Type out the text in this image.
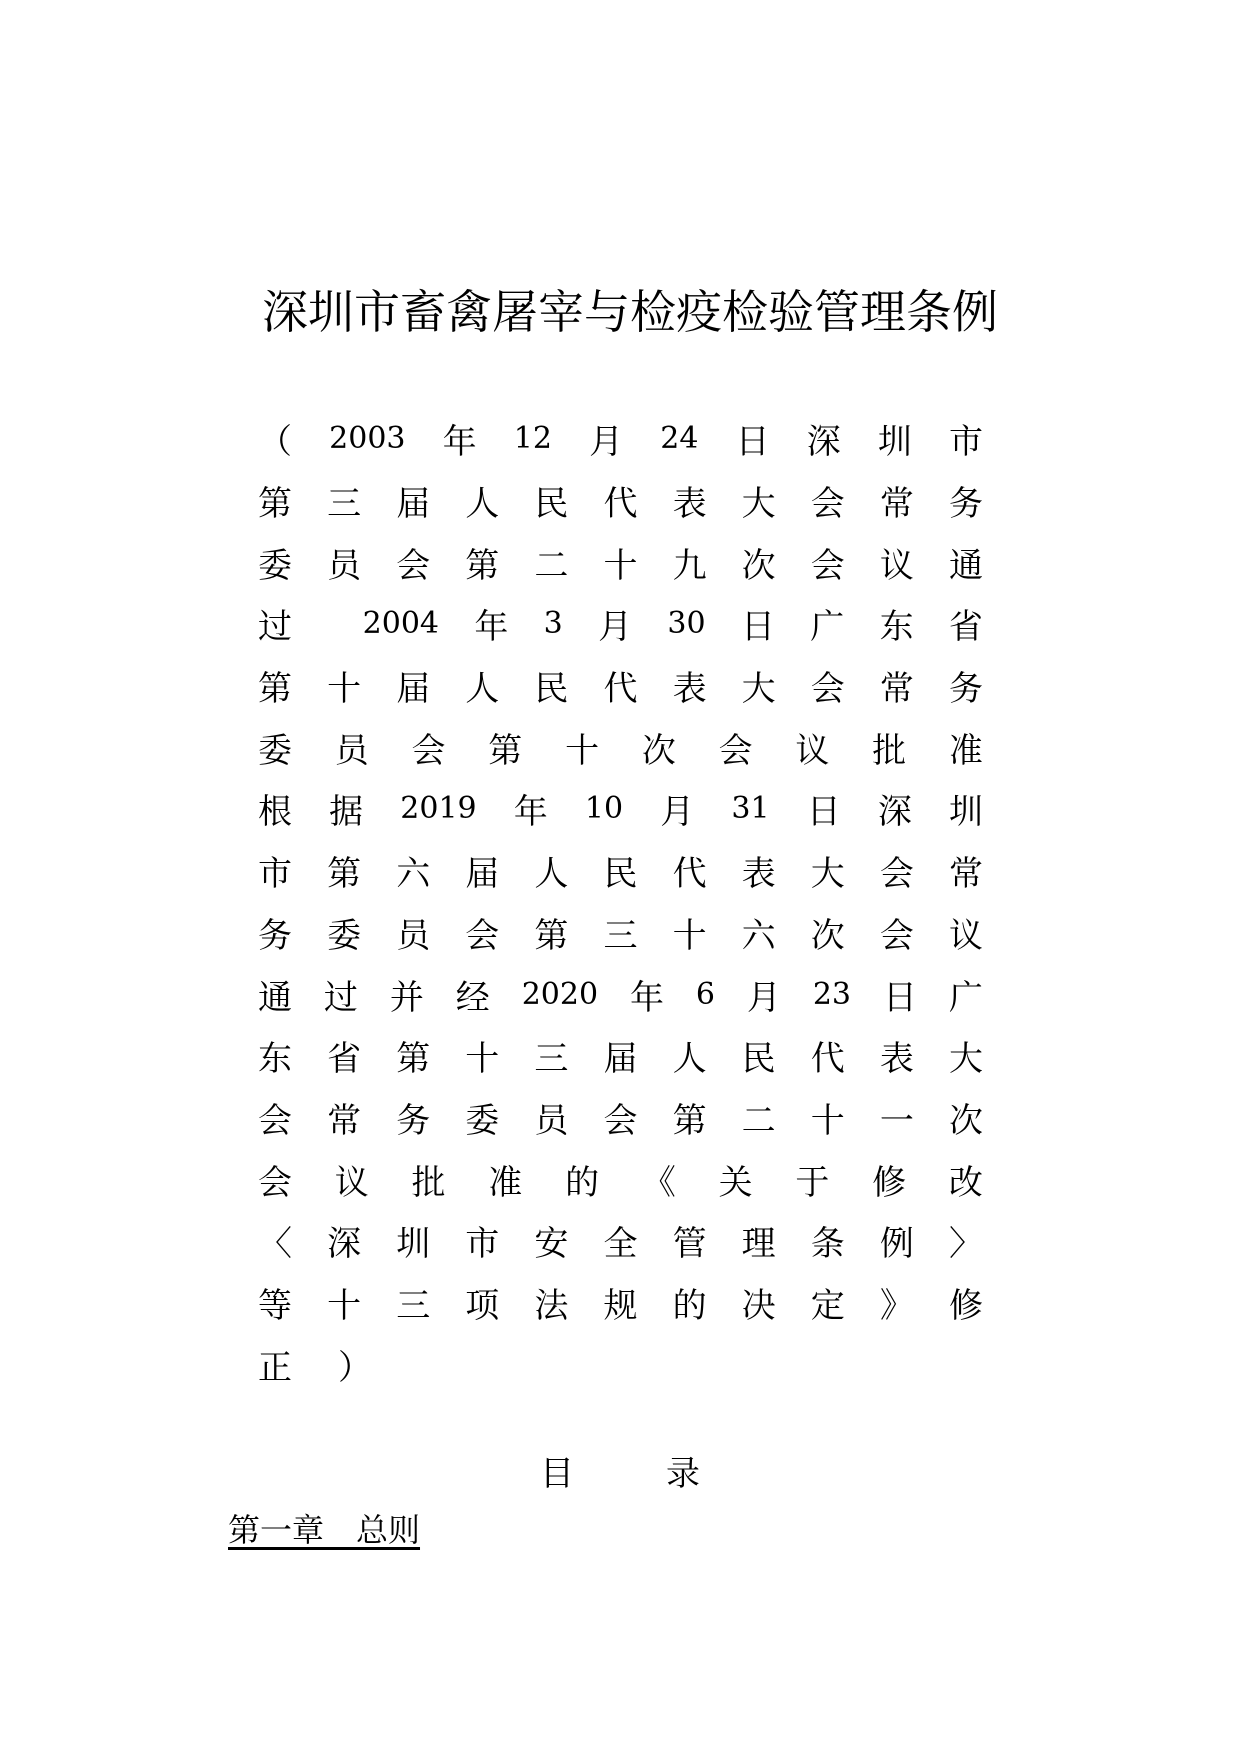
深圳市畜禽屠宰与检疫检验管理条例
（ 2003 年 12 月 24 日 深 圳 市
第 三 届 人 民 代 表 大 会 常 务
委 员 会 第 二 十 九 次 会 议 通
过 2004 年 3 月 30 日 广 东 省
第 十 届 人 民 代 表 大 会 常 务
委 员 会 第 十 次 会 议 批 准
根 据 2019 年 10 月 31 日 深 圳
市 第 六 届 人 民 代 表 大 会 常
务 委 员 会 第 三 十 六 次 会 议
通 过 并 经 2020 年 6 月 23 日 广
东 省 第 十 三 届 人 民 代 表 大
会 常 务 委 员 会 第 二 十 一 次
会 议 批 准 的 《 关 于 修 改
〈 深 圳 市 安 全 管 理 条 例 〉
等 十 三 项 法 规 的 决 定 》 修
正 ）
目	录
第一章　总则
